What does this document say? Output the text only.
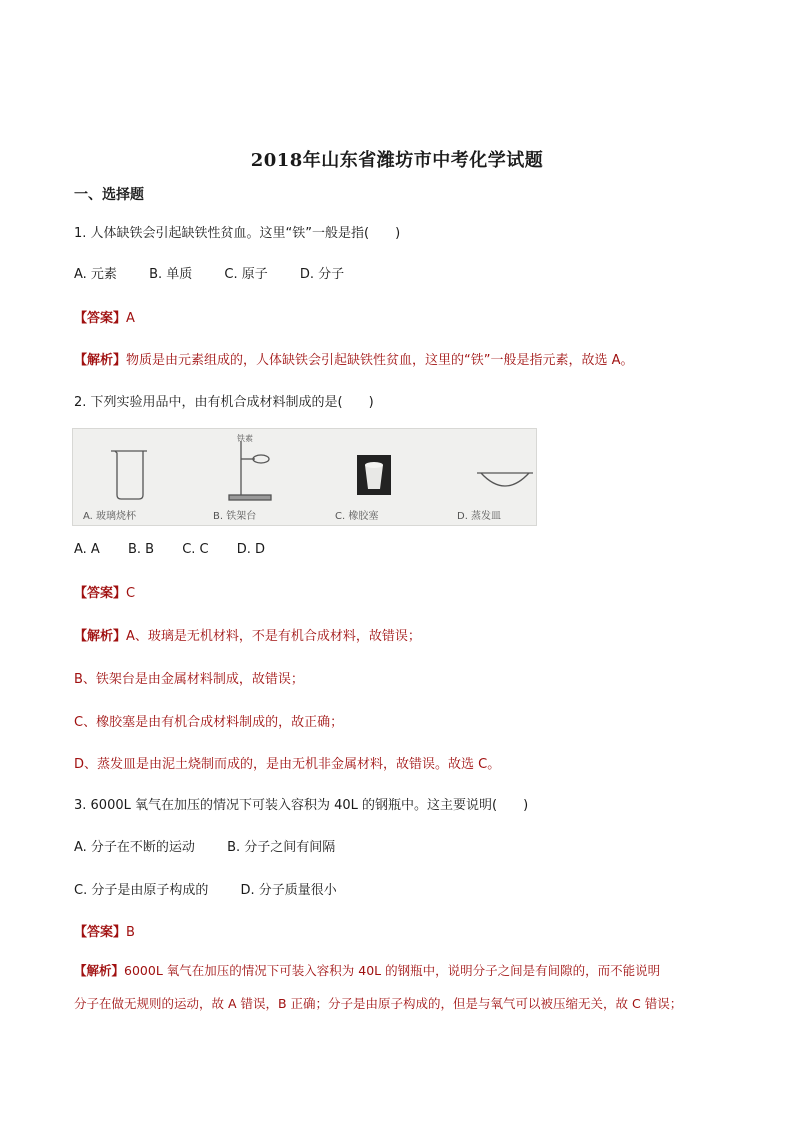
2018年山东省潍坊市中考化学试题
一、选择题
1. 人体缺铁会引起缺铁性贫血。这里“铁”一般是指(　　)
A. 元素 B. 单质 C. 原子 D. 分子
【答案】A
【解析】物质是由元素组成的，人体缺铁会引起缺铁性贫血，这里的“铁”一般是指元素，故选 A。
2. 下列实验用品中，由有机合成材料制成的是(　　)
铁素
A. 玻璃烧杯	B. 铁架台	C. 橡胶塞	D. 蒸发皿
A. A B. B C. C D. D
【答案】C
【解析】A、玻璃是无机材料，不是有机合成材料，故错误；
B、铁架台是由金属材料制成，故错误；
C、橡胶塞是由有机合成材料制成的，故正确；
D、蒸发皿是由泥土烧制而成的，是由无机非金属材料，故错误。故选 C。
3. 6000L 氧气在加压的情况下可装入容积为 40L 的钢瓶中。这主要说明(　　)
A. 分子在不断的运动 B. 分子之间有间隔
C. 分子是由原子构成的 D. 分子质量很小
【答案】B
【解析】6000L 氧气在加压的情况下可装入容积为 40L 的钢瓶中，说明分子之间是有间隙的，而不能说明
分子在做无规则的运动，故 A 错误，B 正确；分子是由原子构成的，但是与氧气可以被压缩无关，故 C 错误；
